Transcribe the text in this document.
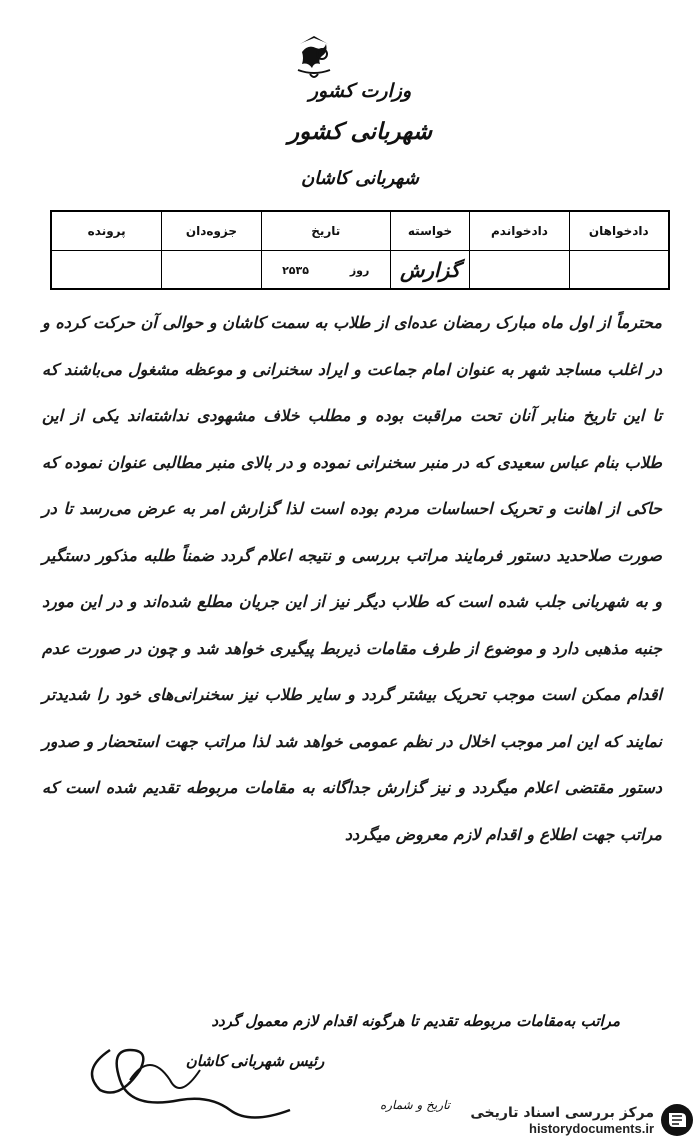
وزارت کشور
شهربانی کشور
شهربانی کاشان
دادخواهان
دادخواندم
خواسته
تاریخ
جزوه‌دان
پرونده
گزارش
روز
۲۵۳۵
محترماً از اول ماه مبارک رمضان عده‌ای از طلاب به سمت کاشان و حوالی آن حرکت کرده و در اغلب مساجد شهر به عنوان امام جماعت و ایراد سخنرانی و موعظه مشغول می‌باشند که تا این تاریخ منابر آنان تحت مراقبت بوده و مطلب خلاف مشهودی نداشته‌اند یکی از این طلاب بنام عباس سعیدی که در منبر سخنرانی نموده و در بالای منبر مطالبی عنوان نموده که حاکی از اهانت و تحریک احساسات مردم بوده است لذا گزارش امر به عرض می‌رسد تا در صورت صلاحدید دستور فرمایند مراتب بررسی و نتیجه اعلام گردد ضمناً طلبه مذکور دستگیر و به شهربانی جلب شده است که طلاب دیگر نیز از این جریان مطلع شده‌اند و در این مورد جنبه مذهبی دارد و موضوع از طرف مقامات ذیربط پیگیری خواهد شد و چون در صورت عدم اقدام ممکن است موجب تحریک بیشتر گردد و سایر طلاب نیز سخنرانی‌های خود را شدیدتر نمایند که این امر موجب اخلال در نظم عمومی خواهد شد لذا مراتب جهت استحضار و صدور دستور مقتضی اعلام میگردد و نیز گزارش جداگانه به مقامات مربوطه تقدیم شده است که مراتب جهت اطلاع و اقدام لازم معروض میگردد
مراتب به‌مقامات مربوطه تقدیم تا هرگونه اقدام لازم معمول گردد
رئیس شهربانی کاشان
تاریخ و شماره مرکز بررسی اسناد تاریخی
historydocuments.ir
